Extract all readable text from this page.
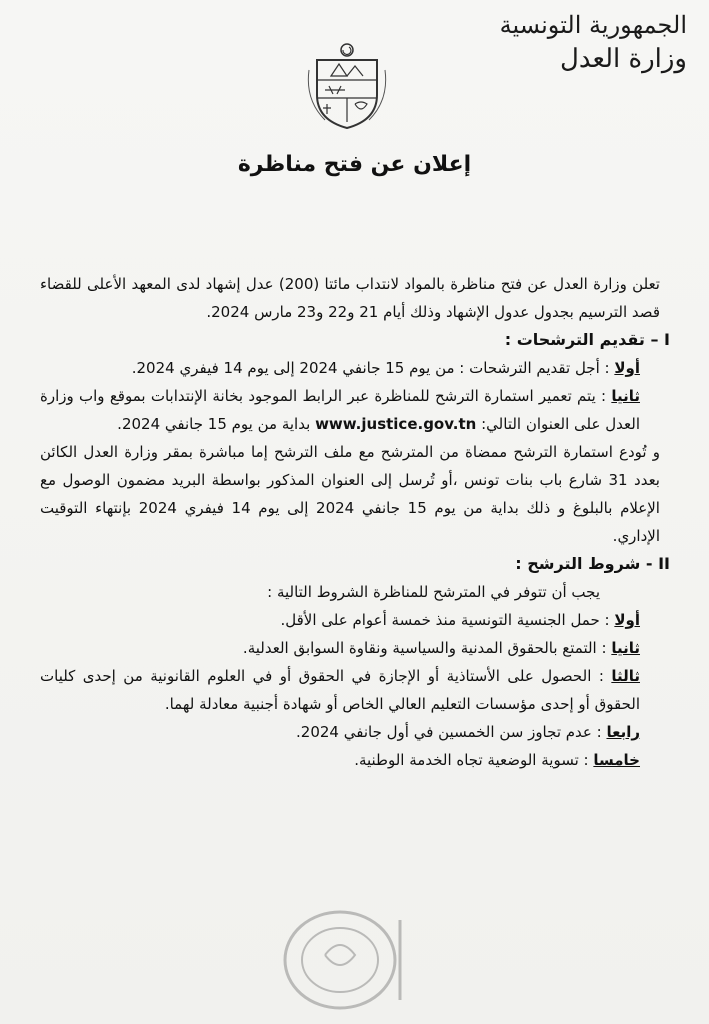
الجمهورية التونسية
وزارة العدل
إعلان عن فتح مناظرة

تعلن وزارة العدل عن فتح مناظرة بالمواد لانتداب مائتا (200) عدل إشهاد لدى المعهد الأعلى للقضاء قصد الترسيم بجدول عدول الإشهاد وذلك أيام 21 و22 و23 مارس 2024.

I – تقديم الترشحات :

أولا : أجل تقديم الترشحات : من يوم 15 جانفي 2024 إلى يوم 14 فيفري 2024.

ثانيا : يتم تعمير استمارة الترشح للمناظرة عبر الرابط الموجود بخانة الإنتدابات بموقع واب وزارة العدل على العنوان التالي: www.justice.gov.tn بداية من يوم 15 جانفي 2024.

و تُودع استمارة الترشح ممضاة من المترشح مع ملف الترشح إما مباشرة بمقر وزارة العدل الكائن بعدد 31 شارع باب بنات تونس ،أو تُرسل إلى العنوان المذكور بواسطة البريد مضمون الوصول مع الإعلام بالبلوغ و ذلك بداية من يوم 15 جانفي 2024 إلى يوم 14 فيفري 2024 بإنتهاء التوقيت الإداري.

II - شروط الترشح :

يجب أن تتوفر في المترشح للمناظرة الشروط التالية :

أولا : حمل الجنسية التونسية منذ خمسة أعوام على الأقل.

ثانيا : التمتع بالحقوق المدنية والسياسية ونقاوة السوابق العدلية.

ثالثا : الحصول على الأستاذية أو الإجازة في الحقوق أو في العلوم القانونية من إحدى كليات الحقوق أو إحدى مؤسسات التعليم العالي الخاص أو شهادة أجنبية معادلة لهما.

رابعا : عدم تجاوز سن الخمسين في أول جانفي 2024.

خامسا : تسوية الوضعية تجاه الخدمة الوطنية.
